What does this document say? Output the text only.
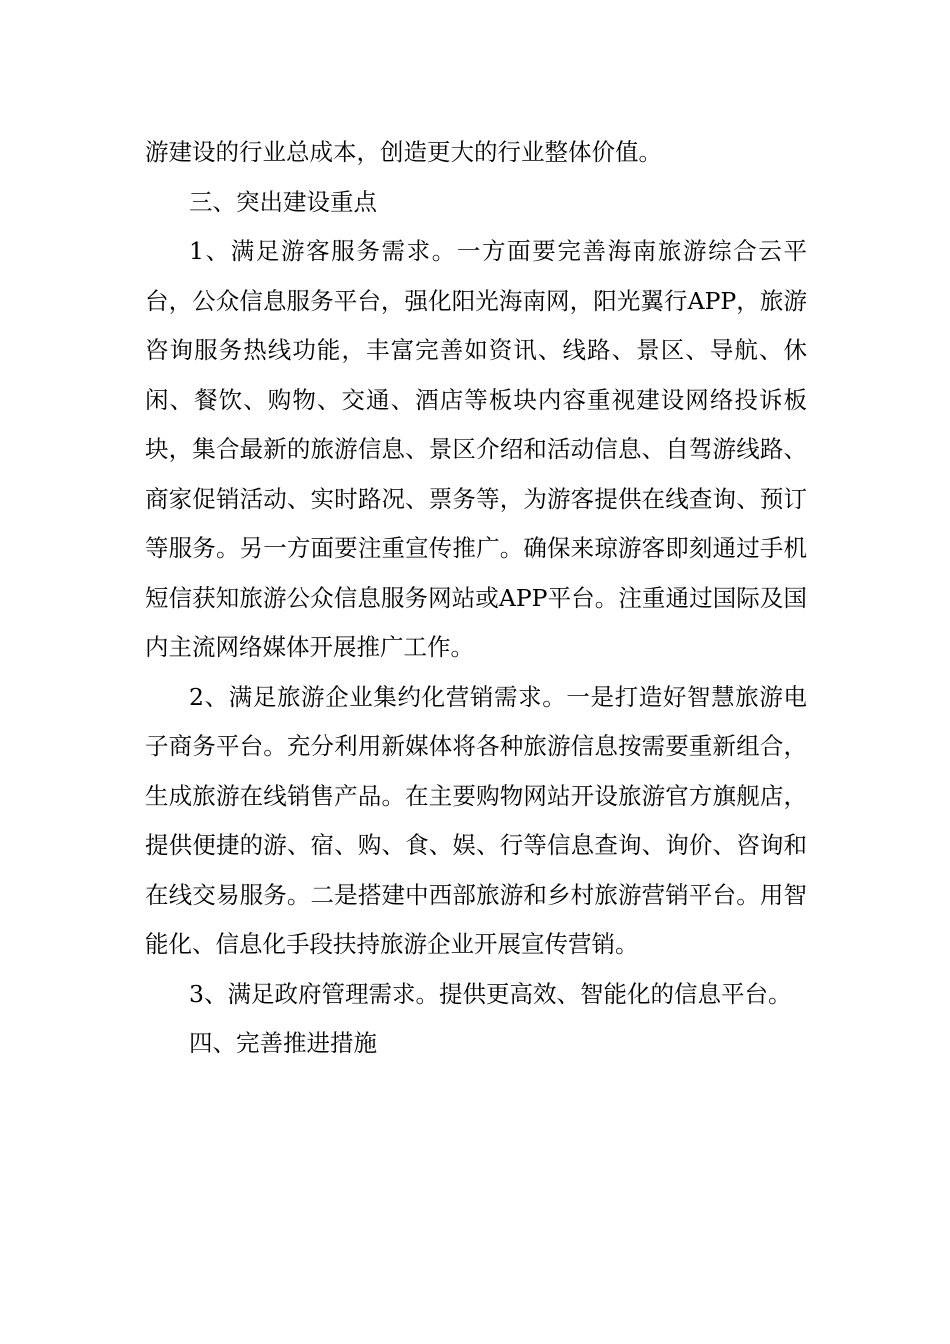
游建设的行业总成本，创造更大的行业整体价值。

三、突出建设重点

1、满足游客服务需求。一方面要完善海南旅游综合云平台，公众信息服务平台，强化阳光海南网，阳光翼行APP，旅游咨询服务热线功能，丰富完善如资讯、线路、景区、导航、休闲、餐饮、购物、交通、酒店等板块内容重视建设网络投诉板块，集合最新的旅游信息、景区介绍和活动信息、自驾游线路、商家促销活动、实时路况、票务等，为游客提供在线查询、预订等服务。另一方面要注重宣传推广。确保来琼游客即刻通过手机短信获知旅游公众信息服务网站或APP平台。注重通过国际及国内主流网络媒体开展推广工作。

2、满足旅游企业集约化营销需求。一是打造好智慧旅游电子商务平台。充分利用新媒体将各种旅游信息按需要重新组合，生成旅游在线销售产品。在主要购物网站开设旅游官方旗舰店，提供便捷的游、宿、购、食、娱、行等信息查询、询价、咨询和在线交易服务。二是搭建中西部旅游和乡村旅游营销平台。用智能化、信息化手段扶持旅游企业开展宣传营销。

3、满足政府管理需求。提供更高效、智能化的信息平台。

四、完善推进措施
